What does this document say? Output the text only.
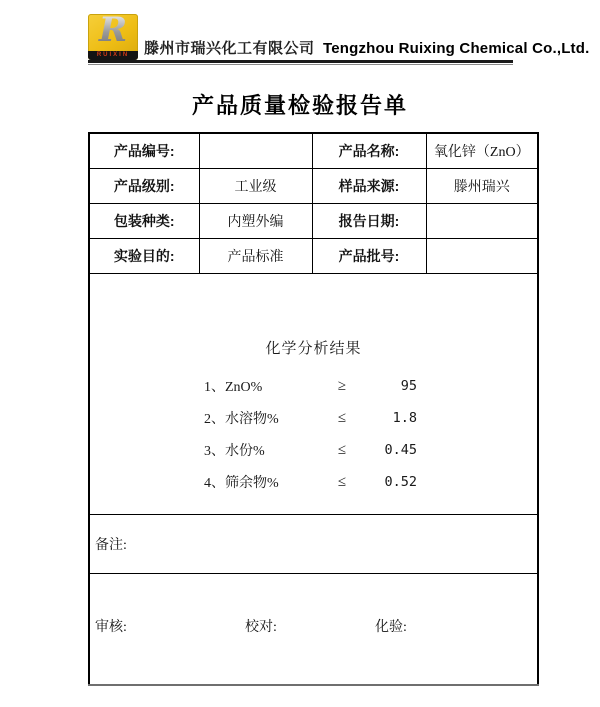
R
RUIXIN 滕州市瑞兴化工有限公司 Tengzhou Ruixing Chemical Co.,Ltd.
产品质量检验报告单
产品编号:		产品名称:	氧化锌（ZnO）
产品级别:	工业级	样品来源:	滕州瑞兴
包装种类:	内塑外编	报告日期:	
实验目的:	产品标准	产品批号:	

化学分析结果
1、ZnO%	≥	95
2、水溶物%	≤	1.8
3、水份%	≤	0.45
4、筛余物%	≤	0.52

备注:			

审核: 校对: 化验:			
